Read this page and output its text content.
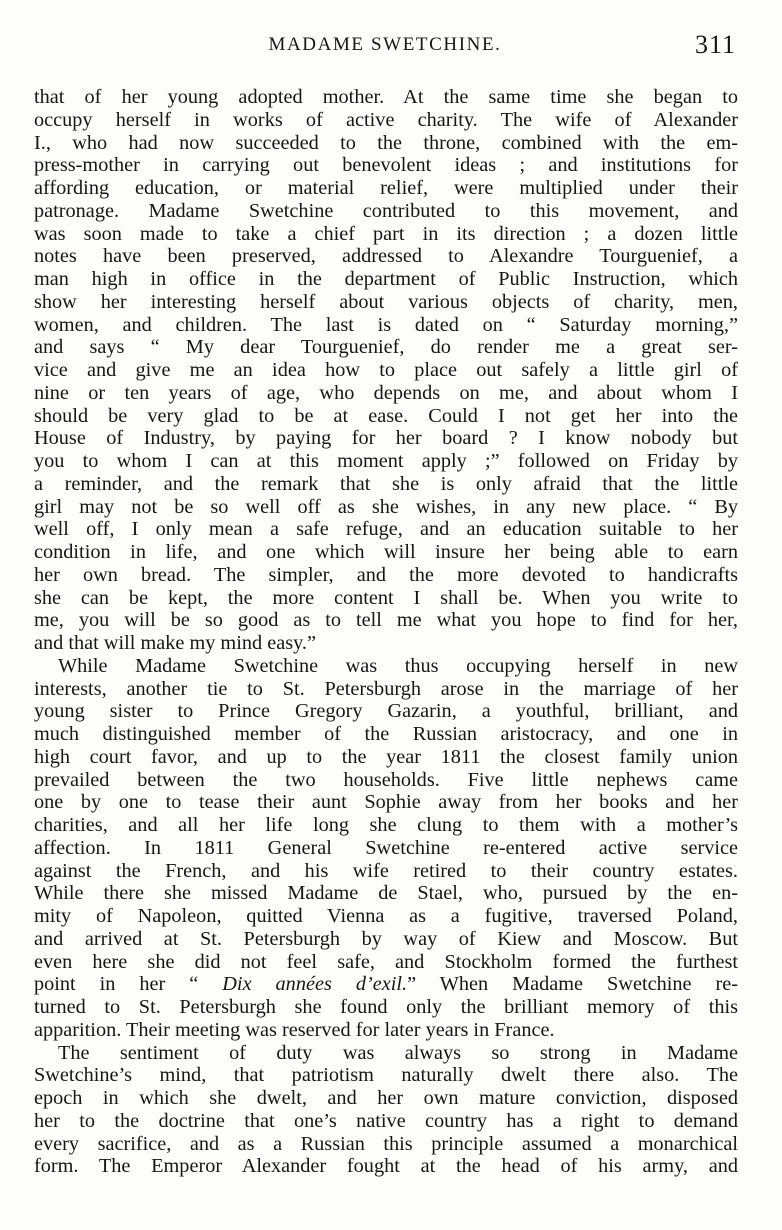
MADAME SWETCHINE.	311
that of her young adopted mother. At the same time she began to
occupy herself in works of active charity. The wife of Alexander
I., who had now succeeded to the throne, combined with the em-
press-mother in carrying out benevolent ideas ; and institutions for
affording education, or material relief, were multiplied under their
patronage. Madame Swetchine contributed to this movement, and
was soon made to take a chief part in its direction ; a dozen little
notes have been preserved, addressed to Alexandre Tourguenief, a
man high in office in the department of Public Instruction, which
show her interesting herself about various objects of charity, men,
women, and children. The last is dated on “ Saturday morning,”
and says “ My dear Tourguenief, do render me a great ser-
vice and give me an idea how to place out safely a little girl of
nine or ten years of age, who depends on me, and about whom I
should be very glad to be at ease. Could I not get her into the
House of Industry, by paying for her board ? I know nobody but
you to whom I can at this moment apply ;” followed on Friday by
a reminder, and the remark that she is only afraid that the little
girl may not be so well off as she wishes, in any new place. “ By
well off, I only mean a safe refuge, and an education suitable to her
condition in life, and one which will insure her being able to earn
her own bread. The simpler, and the more devoted to handicrafts
she can be kept, the more content I shall be. When you write to
me, you will be so good as to tell me what you hope to find for her,
and that will make my mind easy.”
While Madame Swetchine was thus occupying herself in new
interests, another tie to St. Petersburgh arose in the marriage of her
young sister to Prince Gregory Gazarin, a youthful, brilliant, and
much distinguished member of the Russian aristocracy, and one in
high court favor, and up to the year 1811 the closest family union
prevailed between the two households. Five little nephews came
one by one to tease their aunt Sophie away from her books and her
charities, and all her life long she clung to them with a mother’s
affection. In 1811 General Swetchine re-entered active service
against the French, and his wife retired to their country estates.
While there she missed Madame de Stael, who, pursued by the en-
mity of Napoleon, quitted Vienna as a fugitive, traversed Poland,
and arrived at St. Petersburgh by way of Kiew and Moscow. But
even here she did not feel safe, and Stockholm formed the furthest
point in her “ Dix années d’exil.” When Madame Swetchine re-
turned to St. Petersburgh she found only the brilliant memory of this
apparition. Their meeting was reserved for later years in France.
The sentiment of duty was always so strong in Madame
Swetchine’s mind, that patriotism naturally dwelt there also. The
epoch in which she dwelt, and her own mature conviction, disposed
her to the doctrine that one’s native country has a right to demand
every sacrifice, and as a Russian this principle assumed a monarchical
form. The Emperor Alexander fought at the head of his army, and
